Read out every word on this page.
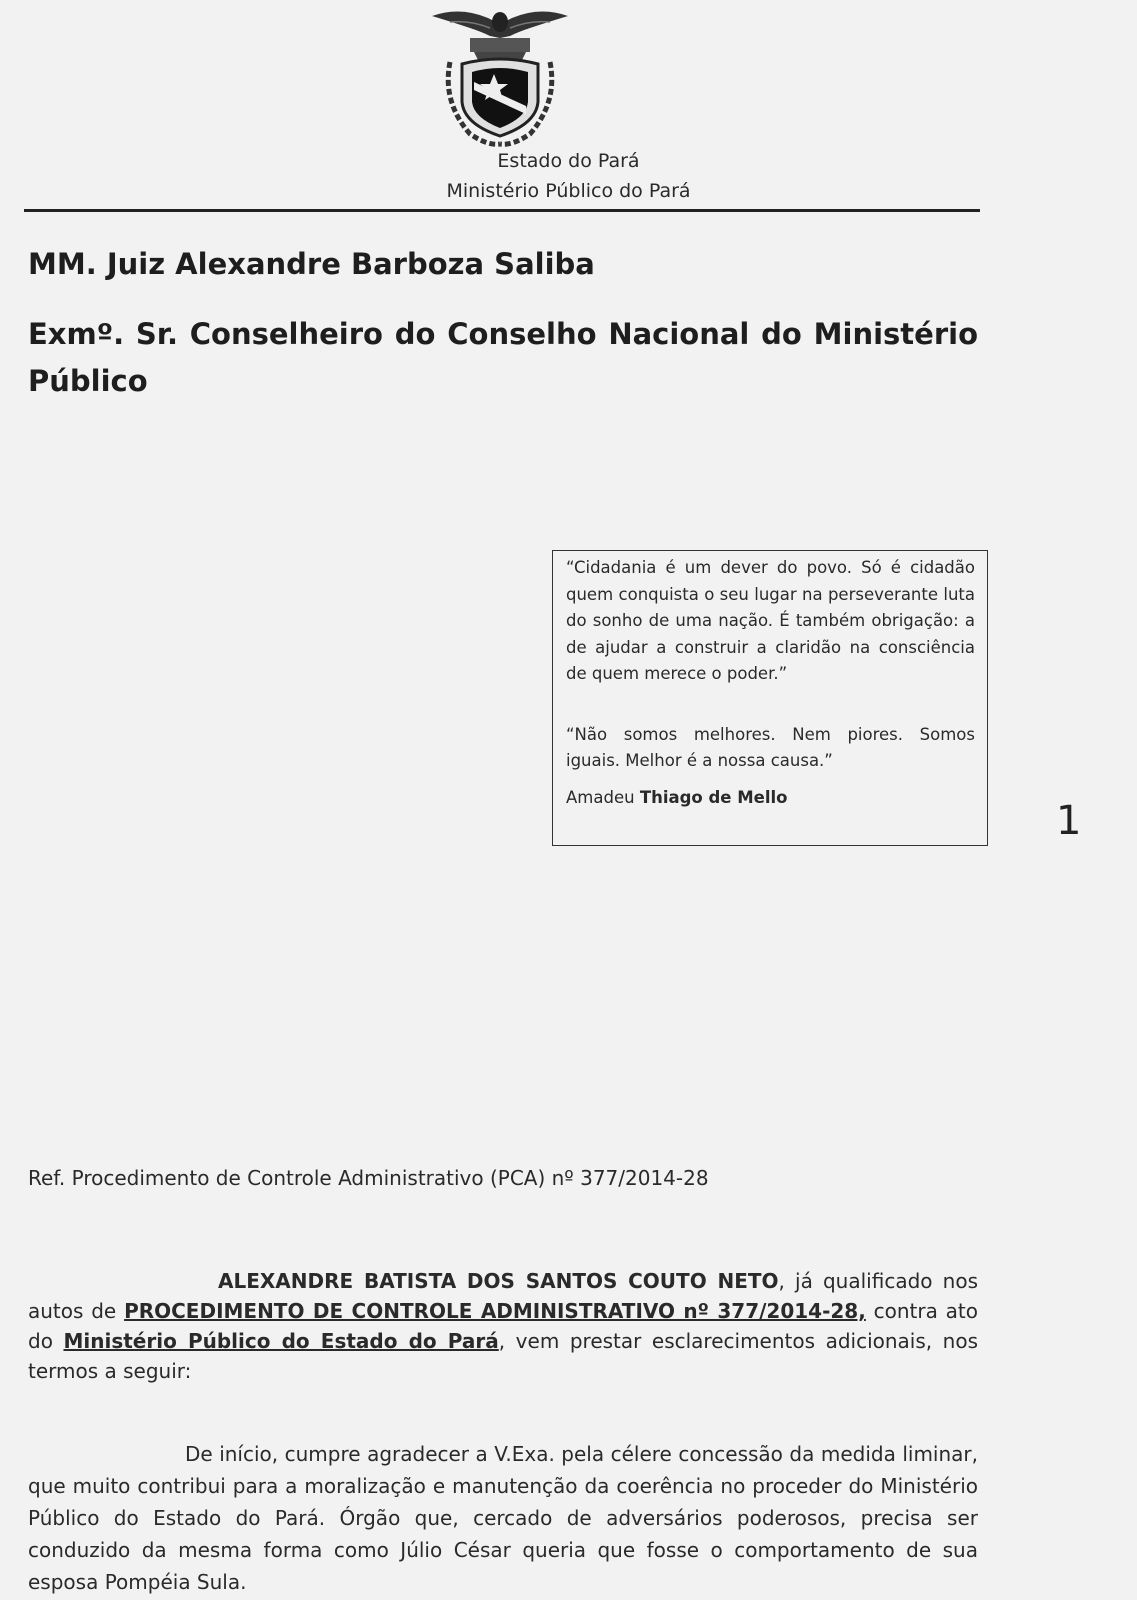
Estado do Pará
Ministério Público do Pará
MM. Juiz Alexandre Barboza Saliba
Exmº. Sr. Conselheiro do Conselho Nacional do Ministério
Público

“Cidadania é um dever do povo. Só é cidadão quem conquista o seu lugar na perseverante luta do sonho de uma nação. É também obrigação: a de ajudar a construir a claridão na consciência de quem merece o poder.”

“Não somos melhores. Nem piores. Somos iguais. Melhor é a nossa causa.”

Amadeu Thiago de Mello

1
Ref. Procedimento de Controle Administrativo (PCA) nº 377/2014-28
ALEXANDRE BATISTA DOS SANTOS COUTO NETO, já qualificado nos autos de PROCEDIMENTO DE CONTROLE ADMINISTRATIVO nº 377/2014-28, contra ato do Ministério Público do Estado do Pará, vem prestar esclarecimentos adicionais, nos termos a seguir:
De início, cumpre agradecer a V.Exa. pela célere concessão da medida liminar, que muito contribui para a moralização e manutenção da coerência no proceder do Ministério Público do Estado do Pará. Órgão que, cercado de adversários poderosos, precisa ser conduzido da mesma forma como Júlio César queria que fosse o comportamento de sua esposa Pompéia Sula.
